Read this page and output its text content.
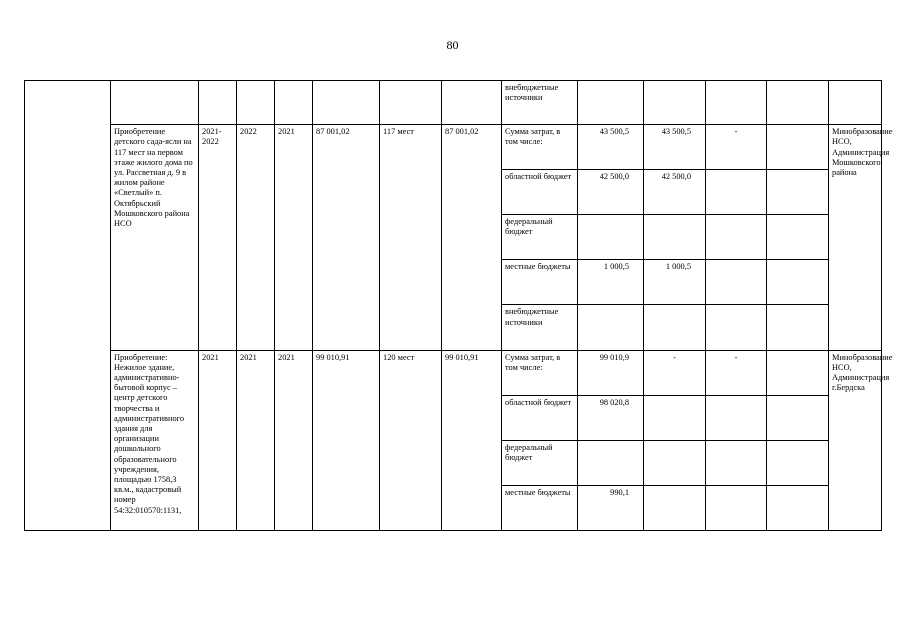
80
								внебюджетные источники					
	Приобретение детского сада-ясли на 117 мест на первом этаже жилого дома по ул. Рассветная д. 9 в жилом районе «Светлый» п. Октябрьский Мошковского района НСО	2021-2022	2022	2021	87 001,02	117 мест	87 001,02	Сумма затрат, в том числе:	43 500,5	43 500,5	-		Минобразование НСО, Администрация Мошковского района
								областной бюджет	42 500,0	42 500,0			
								федеральный бюджет					
								местные бюджеты	1 000,5	1 000,5			
								внебюджетные источники					
	Приобретение: Нежилое здание, административно-бытовой корпус – центр детского творчества и административного здания для организации дошкольного образовательного учреждения, площадью 1758,3 кв.м., кадастровый номер 54:32:010570:1131,	2021	2021	2021	99 010,91	120 мест	99 010,91	Сумма затрат, в том числе:	99 010,9	-	-		Минобразование НСО, Администрация г.Бердска
								областной бюджет	98 020,8				
								федеральный бюджет					
								местные бюджеты	990,1				
